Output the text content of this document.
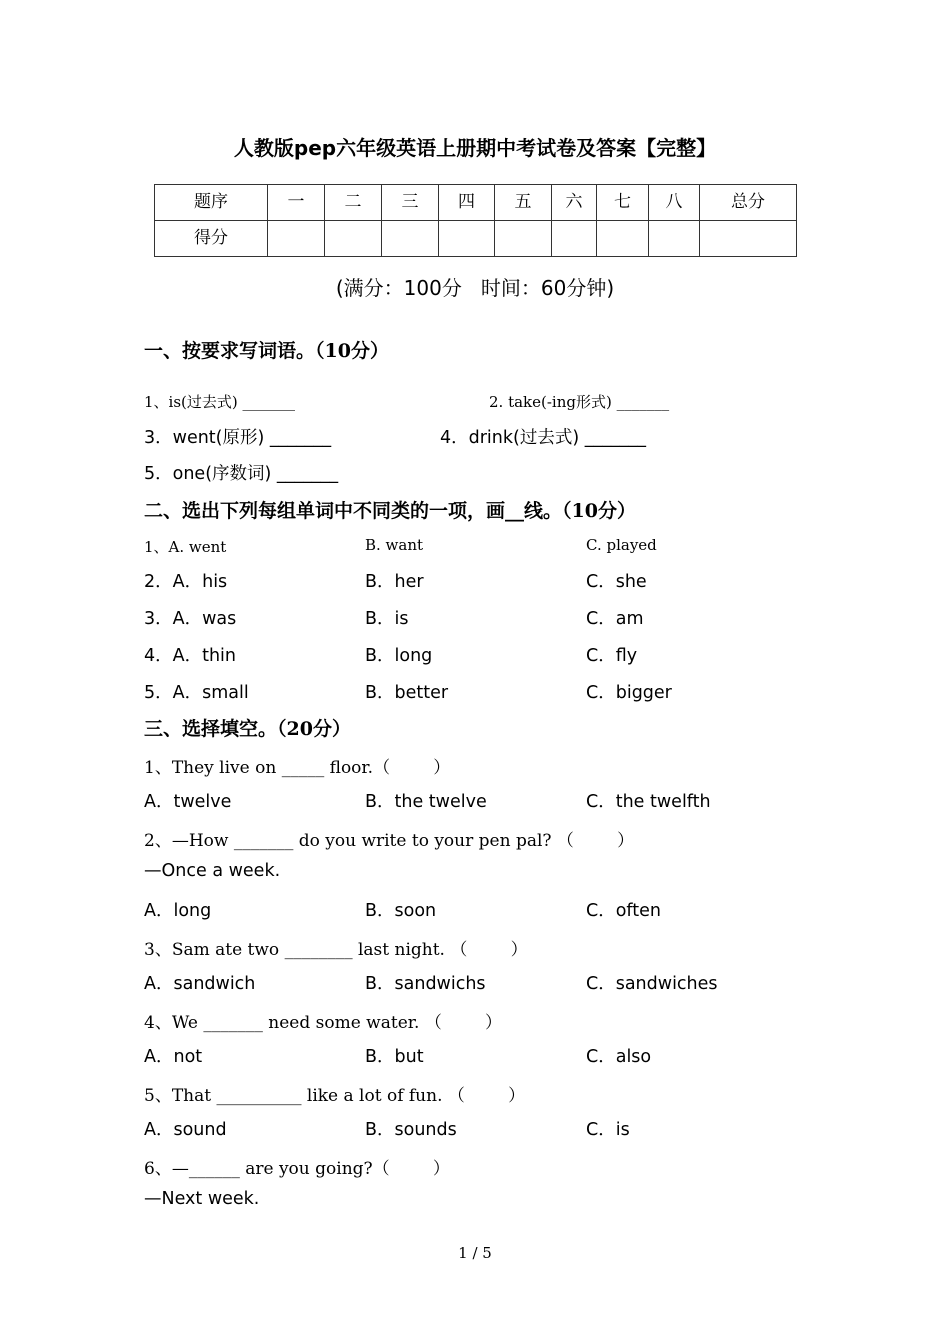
人教版pep六年级英语上册期中考试卷及答案【完整】
题序	一	二	三	四	五	六	七	八	总分
得分									
(满分：100分   时间：60分钟)
一、按要求写词语。（10分）
1、is(过去式) _______	2. take(-ing形式) _______
3．went(原形) _______	4．drink(过去式) _______
5．one(序数词) _______
二、选出下列每组单词中不同类的一项，画__线。（10分）
1、A. went	B. want	C. played
2．A．his	B．her	C．she
3．A．was	B．is	C．am
4．A．thin	B．long	C．fly
5．A．small	B．better	C．bigger
三、选择填空。（20分）
1、They live on _____ floor.（        ）
A．twelve	B．the twelve	C．the twelfth
2、—How _______ do you write to your pen pal? （        ）
—Once a week.
A．long	B．soon	C．often
3、Sam ate two ________ last night. （        ）
A．sandwich	B．sandwichs	C．sandwiches
4、We _______ need some water. （        ）
A．not	B．but	C．also
5、That __________ like a lot of fun. （        ）
A．sound	B．sounds	C．is
6、—______ are you going?（        ）
—Next week.
1 / 5
